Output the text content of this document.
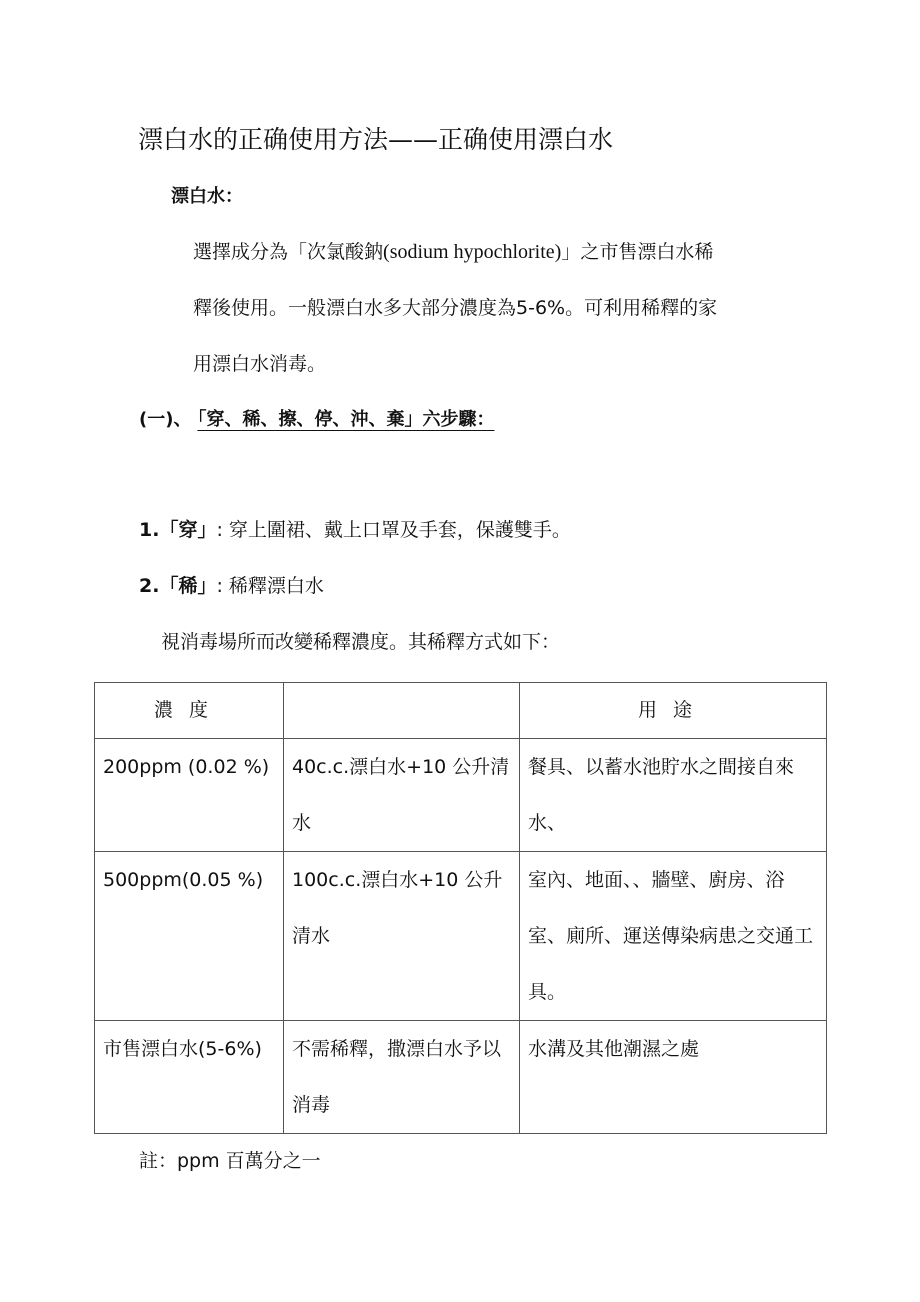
漂白水的正确使用方法——正确使用漂白水
漂白水：
選擇成分為「次氯酸鈉(sodium hypochlorite)」之市售漂白水稀
釋後使用。一般漂白水多大部分濃度為5-6%。可利用稀釋的家
用漂白水消毒。
(一)、 「穿、稀、擦、停、沖、棄」六步驟：
1.「穿」: 穿上圍裙、戴上口罩及手套，保護雙手。
2.「稀」: 稀釋漂白水
視消毒場所而改變稀釋濃度。其稀釋方式如下：
濃度		用途

200ppm (0.02 %)	40c.c.漂白水+10 公升清水	餐具、以蓄水池貯水之間接自來水、

500ppm(0.05 %)	100c.c.漂白水+10 公升清水	室內、地面、、牆壁、廚房、浴室、廁所、運送傳染病患之交通工具。

市售漂白水(5-6%)	不需稀釋，撒漂白水予以消毒	水溝及其他潮濕之處
註：ppm 百萬分之一
